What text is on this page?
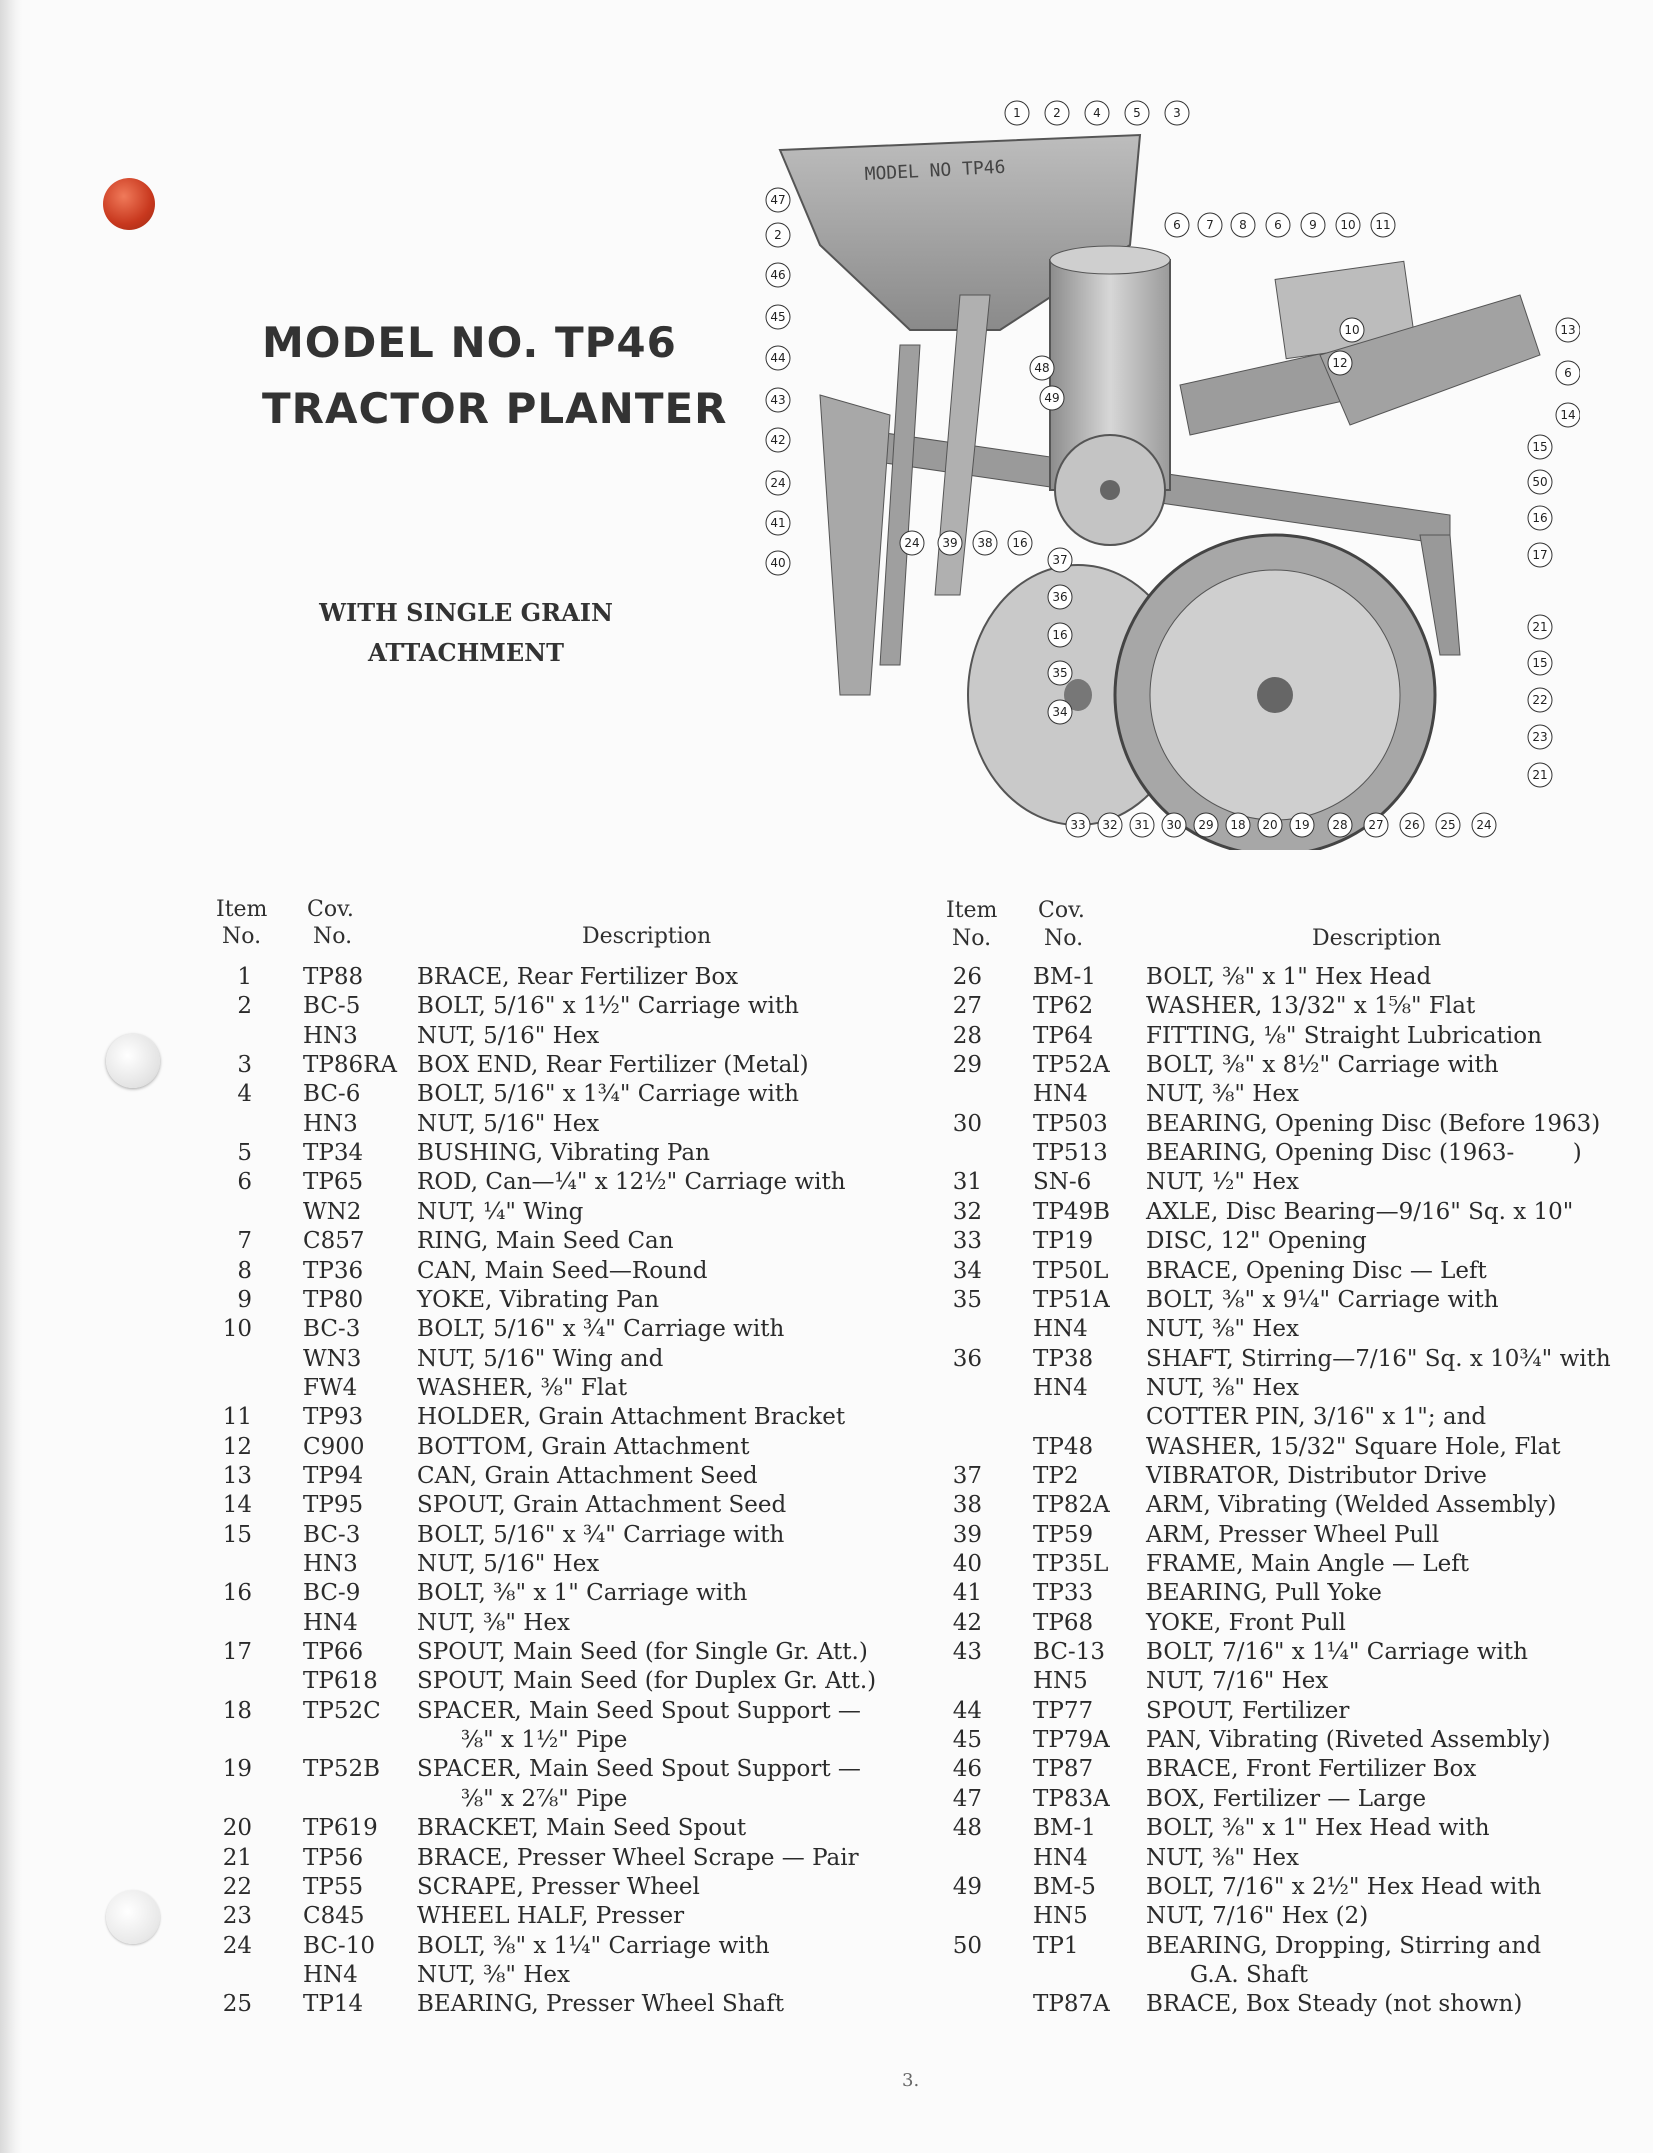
MODEL NO. TP46
TRACTOR PLANTER
WITH SINGLE GRAIN
ATTACHMENT
MODEL NO TP46
1	2	4	5	3
47
2
46
45
44
43
42
24
41
40
6 7 8 6 9 10 11
13
6
14
15
50
16
17
21
15
22
23
21
10
12
48
49
24 39 38 16
37
36
16
35
34
33 32 31 30 29 18 20 19 28 27 26 25 24
Item
No.
Cov.
No.	Description
Item
No.
Cov.
No.	Description
1 TP88 BRACE, Rear Fertilizer Box
2 BC-5 BOLT, 5/16" x 1½" Carriage with
HN3	NUT, 5/16" Hex
3 TP86RA BOX END, Rear Fertilizer (Metal)
4 BC-6 BOLT, 5/16" x 1¾" Carriage with
HN3	NUT, 5/16" Hex
5 TP34 BUSHING, Vibrating Pan
6 TP65 ROD, Can—¼" x 12½" Carriage with
WN2 NUT, ¼" Wing
7 C857 RING, Main Seed Can
8 TP36 CAN, Main Seed—Round
9 TP80 YOKE, Vibrating Pan
10 BC-3 BOLT, 5/16" x ¾" Carriage with
WN3 NUT, 5/16" Wing and
FW4	WASHER, ⅜" Flat
11 TP93 HOLDER, Grain Attachment Bracket
12 C900 BOTTOM, Grain Attachment
13 TP94 CAN, Grain Attachment Seed
14 TP95 SPOUT, Grain Attachment Seed
15 BC-3 BOLT, 5/16" x ¾" Carriage with
HN3	NUT, 5/16" Hex
16 BC-9 BOLT, ⅜" x 1" Carriage with
HN4	NUT, ⅜" Hex
17 TP66 SPOUT, Main Seed (for Single Gr. Att.)
TP618 SPOUT, Main Seed (for Duplex Gr. Att.)
18 TP52C SPACER, Main Seed Spout Support —
⅜" x 1½" Pipe
19 TP52B SPACER, Main Seed Spout Support —
⅜" x 2⅞" Pipe
20 TP619 BRACKET, Main Seed Spout
21 TP56 BRACE, Presser Wheel Scrape — Pair
22 TP55 SCRAPE, Presser Wheel
23 C845 WHEEL HALF, Presser
24 BC-10 BOLT, ⅜" x 1¼" Carriage with
HN4	NUT, ⅜" Hex
25 TP14 BEARING, Presser Wheel Shaft
26 BM-1 BOLT, ⅜" x 1" Hex Head
27 TP62 WASHER, 13/32" x 1⅝" Flat
28 TP64 FITTING, ⅛" Straight Lubrication
29 TP52A BOLT, ⅜" x 8½" Carriage with
HN4	NUT, ⅜" Hex
30 TP503 BEARING, Opening Disc (Before 1963)
TP513 BEARING, Opening Disc (1963-        )
31 SN-6 NUT, ½" Hex
32 TP49B AXLE, Disc Bearing—9/16" Sq. x 10"
33 TP19 DISC, 12" Opening
34 TP50L BRACE, Opening Disc — Left
35 TP51A BOLT, ⅜" x 9¼" Carriage with
HN4	NUT, ⅜" Hex
36 TP38 SHAFT, Stirring—7/16" Sq. x 10¾" with
HN4	NUT, ⅜" Hex
COTTER PIN, 3/16" x 1"; and
TP48 WASHER, 15/32" Square Hole, Flat
37 TP2	VIBRATOR, Distributor Drive
38 TP82A ARM, Vibrating (Welded Assembly)
39 TP59 ARM, Presser Wheel Pull
40 TP35L FRAME, Main Angle — Left
41 TP33 BEARING, Pull Yoke
42 TP68 YOKE, Front Pull
43 BC-13 BOLT, 7/16" x 1¼" Carriage with
HN5	NUT, 7/16" Hex
44 TP77 SPOUT, Fertilizer
45 TP79A PAN, Vibrating (Riveted Assembly)
46 TP87 BRACE, Front Fertilizer Box
47 TP83A BOX, Fertilizer — Large
48 BM-1 BOLT, ⅜" x 1" Hex Head with
HN4	NUT, ⅜" Hex
49 BM-5 BOLT, 7/16" x 2½" Hex Head with
HN5	NUT, 7/16" Hex (2)
50 TP1	BEARING, Dropping, Stirring and
G.A. Shaft
TP87A BRACE, Box Steady (not shown)
3.
